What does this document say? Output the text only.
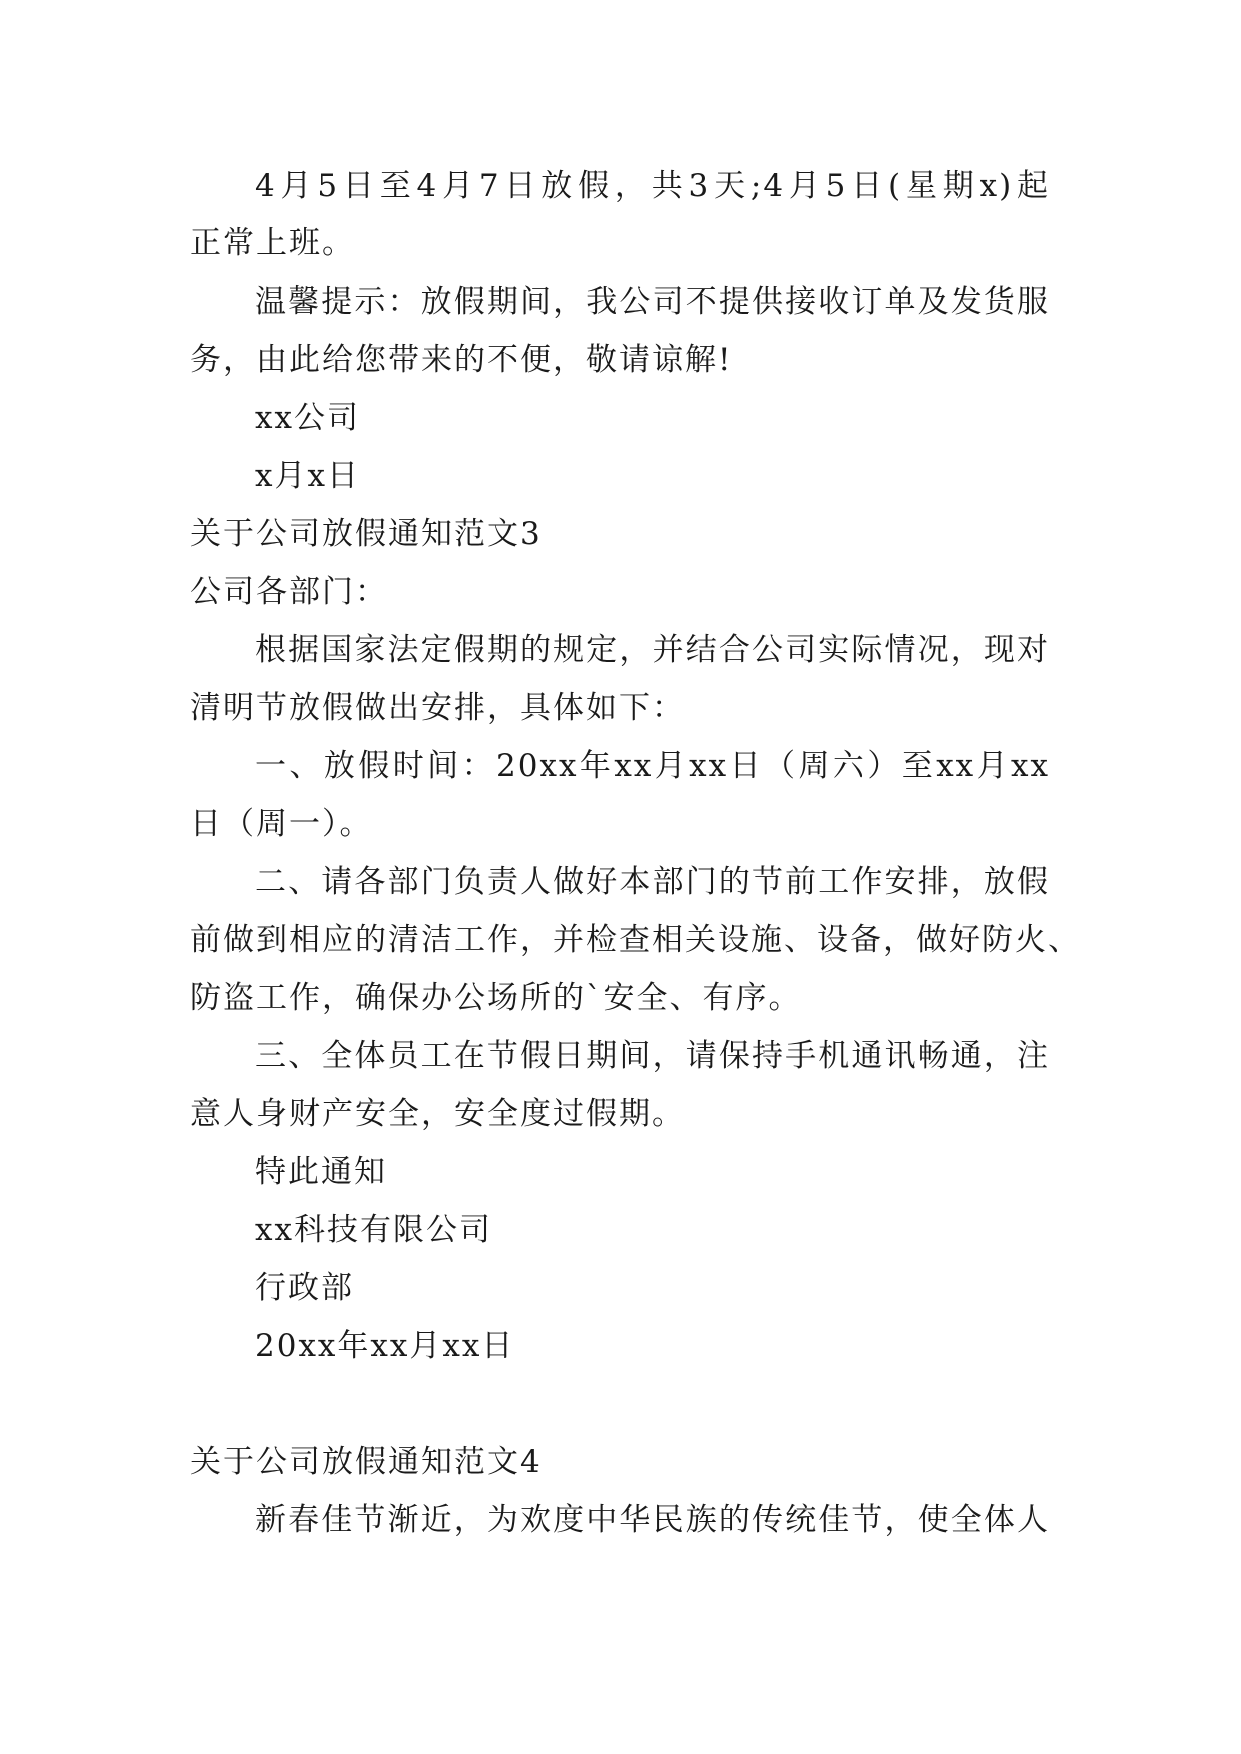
4月5日至4月7日放假，共3天;4月5日(星期x)起
正常上班。
温馨提示：放假期间，我公司不提供接收订单及发货服
务，由此给您带来的不便，敬请谅解!
xx公司
x月x日
关于公司放假通知范文3
公司各部门：
根据国家法定假期的规定，并结合公司实际情况，现对
清明节放假做出安排，具体如下：
一、放假时间：20xx年xx月xx日（周六）至xx月xx
日（周一）。
二、请各部门负责人做好本部门的节前工作安排，放假
前做到相应的清洁工作，并检查相关设施、设备，做好防火、
防盗工作，确保办公场所的`安全、有序。
三、全体员工在节假日期间，请保持手机通讯畅通，注
意人身财产安全，安全度过假期。
特此通知
xx科技有限公司
行政部
20xx年xx月xx日
关于公司放假通知范文4
新春佳节渐近，为欢度中华民族的传统佳节，使全体人
